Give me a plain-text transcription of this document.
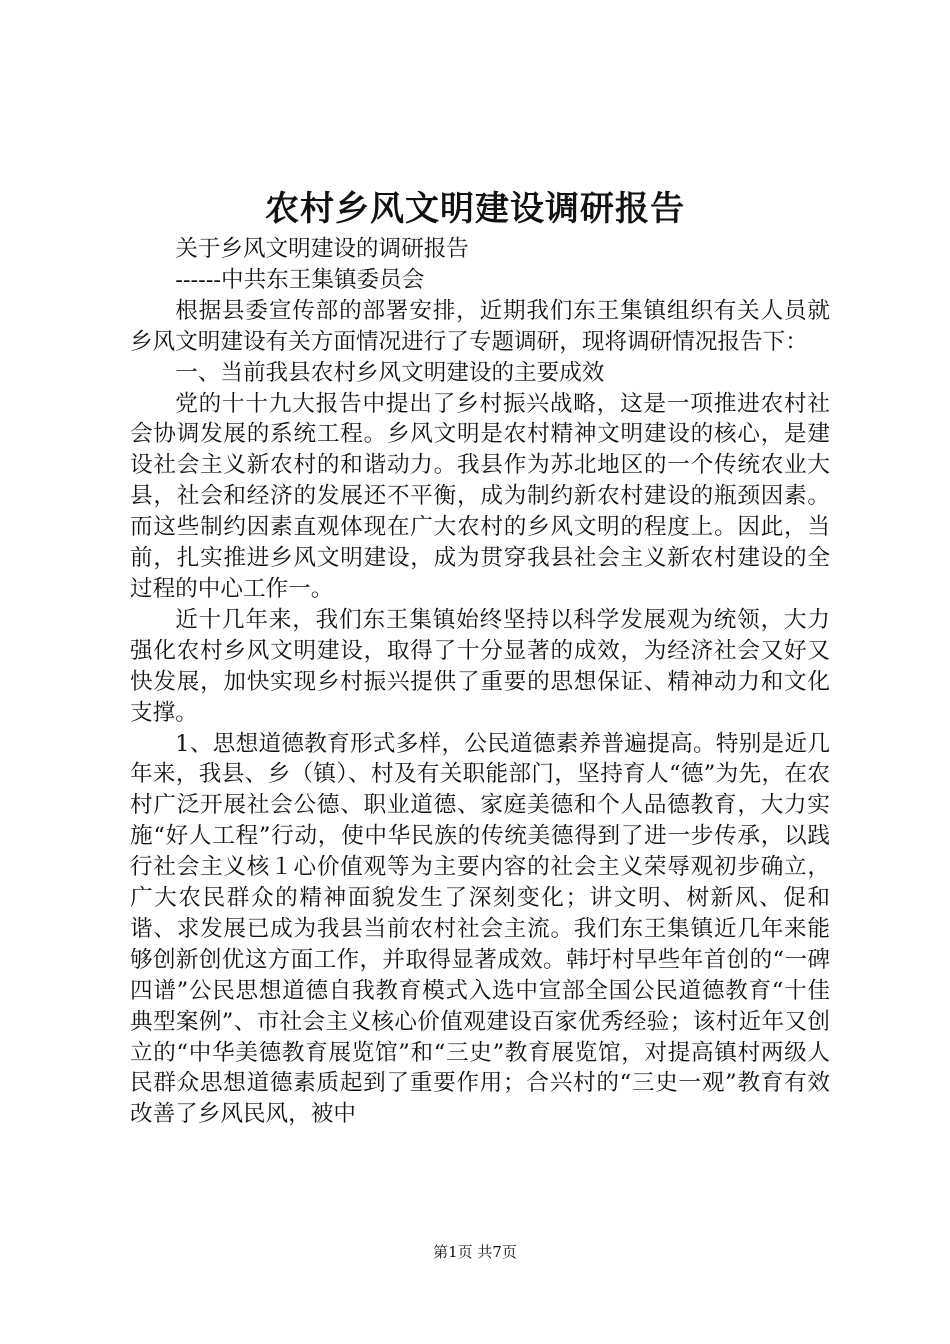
农村乡风文明建设调研报告

关于乡风文明建设的调研报告

------中共东王集镇委员会

根据县委宣传部的部署安排，近期我们东王集镇组织有关人员就乡风文明建设有关方面情况进行了专题调研，现将调研情况报告下：

一、当前我县农村乡风文明建设的主要成效

党的十十九大报告中提出了乡村振兴战略，这是一项推进农村社会协调发展的系统工程。乡风文明是农村精神文明建设的核心，是建设社会主义新农村的和谐动力。我县作为苏北地区的一个传统农业大县，社会和经济的发展还不平衡，成为制约新农村建设的瓶颈因素。而这些制约因素直观体现在广大农村的乡风文明的程度上。因此，当前，扎实推进乡风文明建设，成为贯穿我县社会主义新农村建设的全过程的中心工作一。

近十几年来，我们东王集镇始终坚持以科学发展观为统领，大力强化农村乡风文明建设，取得了十分显著的成效，为经济社会又好又快发展，加快实现乡村振兴提供了重要的思想保证、精神动力和文化支撑。

1、思想道德教育形式多样，公民道德素养普遍提高。特别是近几年来，我县、乡（镇）、村及有关职能部门，坚持育人“德”为先，在农村广泛开展社会公德、职业道德、家庭美德和个人品德教育，大力实施“好人工程”行动，使中华民族的传统美德得到了进一步传承，以践行社会主义核１心价值观等为主要内容的社会主义荣辱观初步确立，广大农民群众的精神面貌发生了深刻变化；讲文明、树新风、促和谐、求发展已成为我县当前农村社会主流。我们东王集镇近几年来能够创新创优这方面工作，并取得显著成效。韩圩村早些年首创的“一碑四谱”公民思想道德自我教育模式入选中宣部全国公民道德教育“十佳典型案例”、市社会主义核心价值观建设百家优秀经验；该村近年又创立的“中华美德教育展览馆”和“三史”教育展览馆，对提高镇村两级人民群众思想道德素质起到了重要作用；合兴村的“三史一观”教育有效改善了乡风民风，被中

第1页 共7页
